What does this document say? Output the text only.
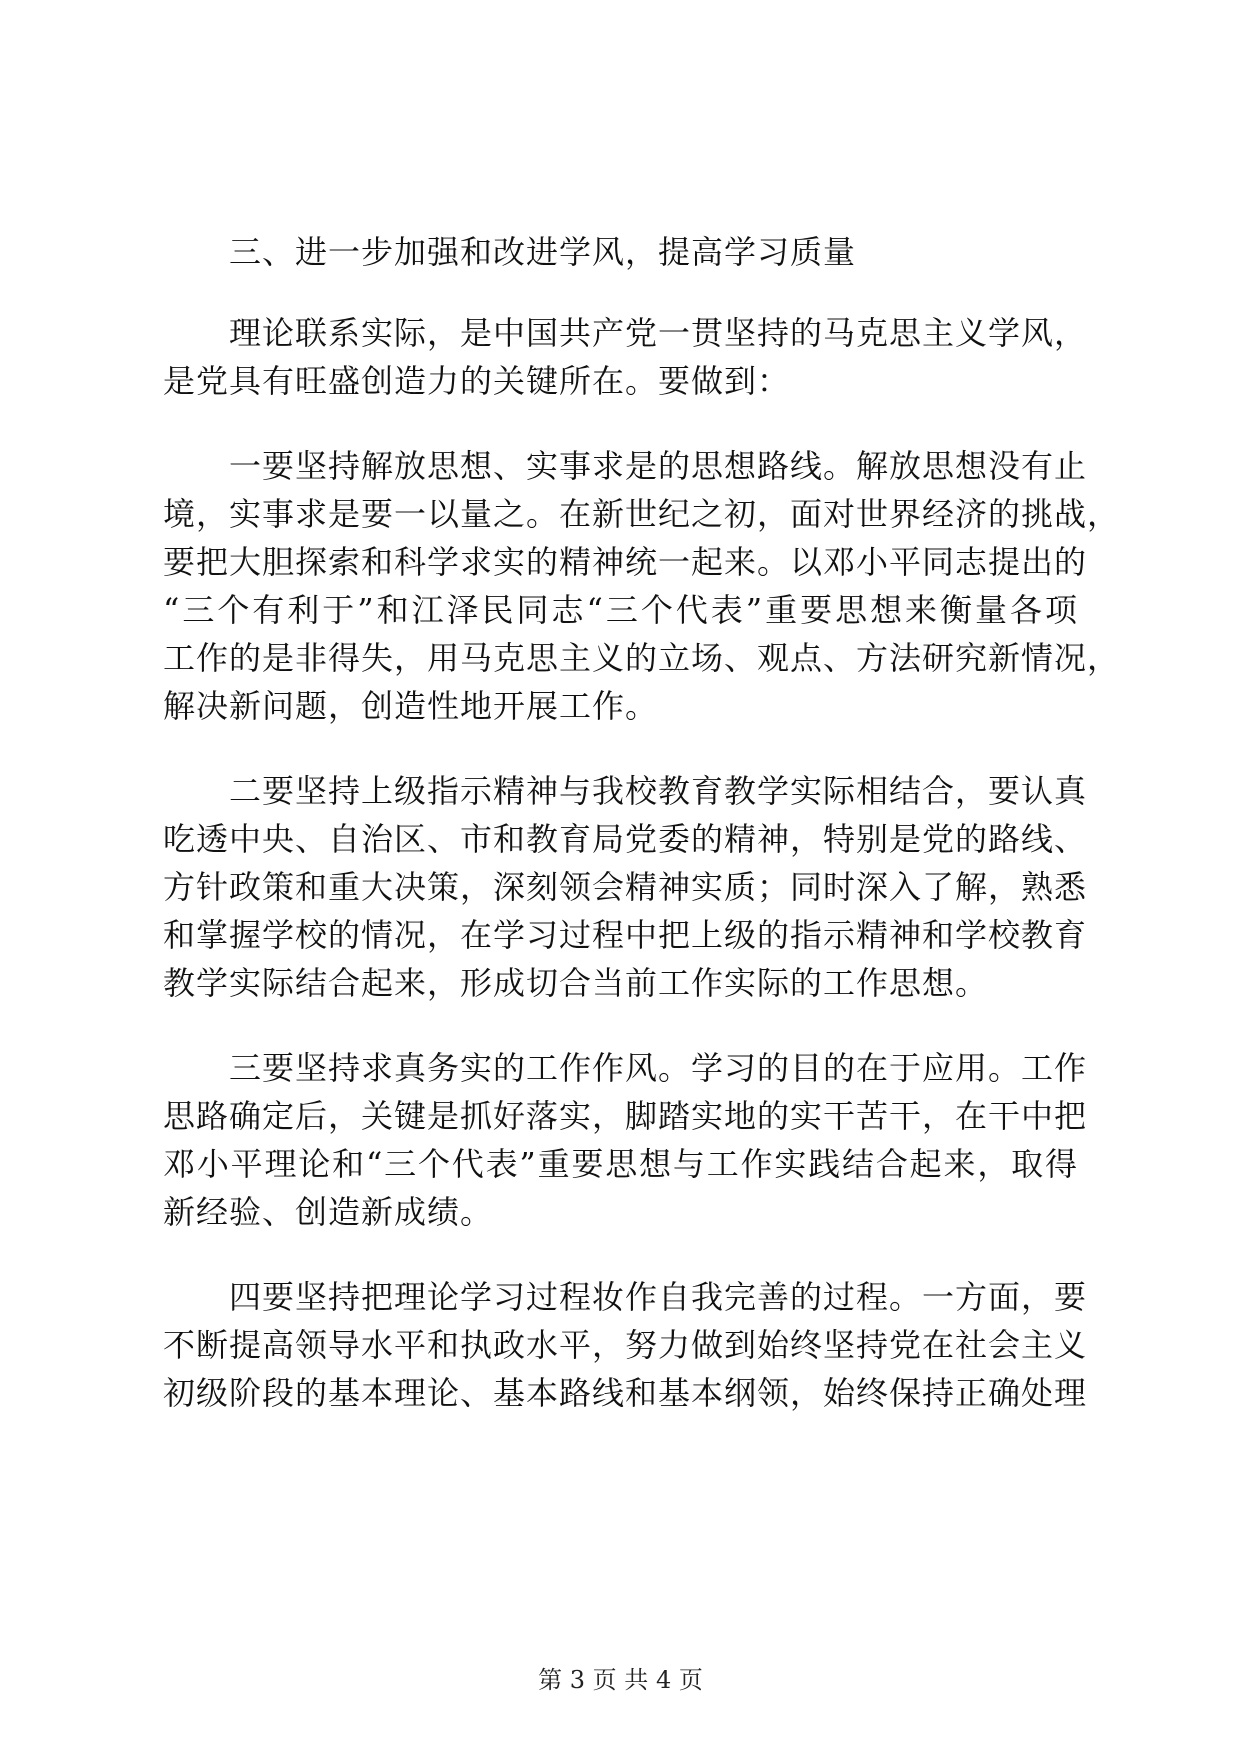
三、进一步加强和改进学风，提高学习质量
理论联系实际，是中国共产党一贯坚持的马克思主义学风，
是党具有旺盛创造力的关键所在。要做到：
一要坚持解放思想、实事求是的思想路线。解放思想没有止
境，实事求是要一以量之。在新世纪之初，面对世界经济的挑战，
要把大胆探索和科学求实的精神统一起来。以邓小平同志提出的
“三个有利于”和江泽民同志“三个代表”重要思想来衡量各项
工作的是非得失，用马克思主义的立场、观点、方法研究新情况，
解决新问题，创造性地开展工作。
二要坚持上级指示精神与我校教育教学实际相结合，要认真
吃透中央、自治区、市和教育局党委的精神，特别是党的路线、
方针政策和重大决策，深刻领会精神实质；同时深入了解，熟悉
和掌握学校的情况，在学习过程中把上级的指示精神和学校教育
教学实际结合起来，形成切合当前工作实际的工作思想。
三要坚持求真务实的工作作风。学习的目的在于应用。工作
思路确定后，关键是抓好落实，脚踏实地的实干苦干，在干中把
邓小平理论和“三个代表”重要思想与工作实践结合起来，取得
新经验、创造新成绩。
四要坚持把理论学习过程妆作自我完善的过程。一方面，要
不断提高领导水平和执政水平，努力做到始终坚持党在社会主义
初级阶段的基本理论、基本路线和基本纲领，始终保持正确处理
第 3 页 共 4 页
